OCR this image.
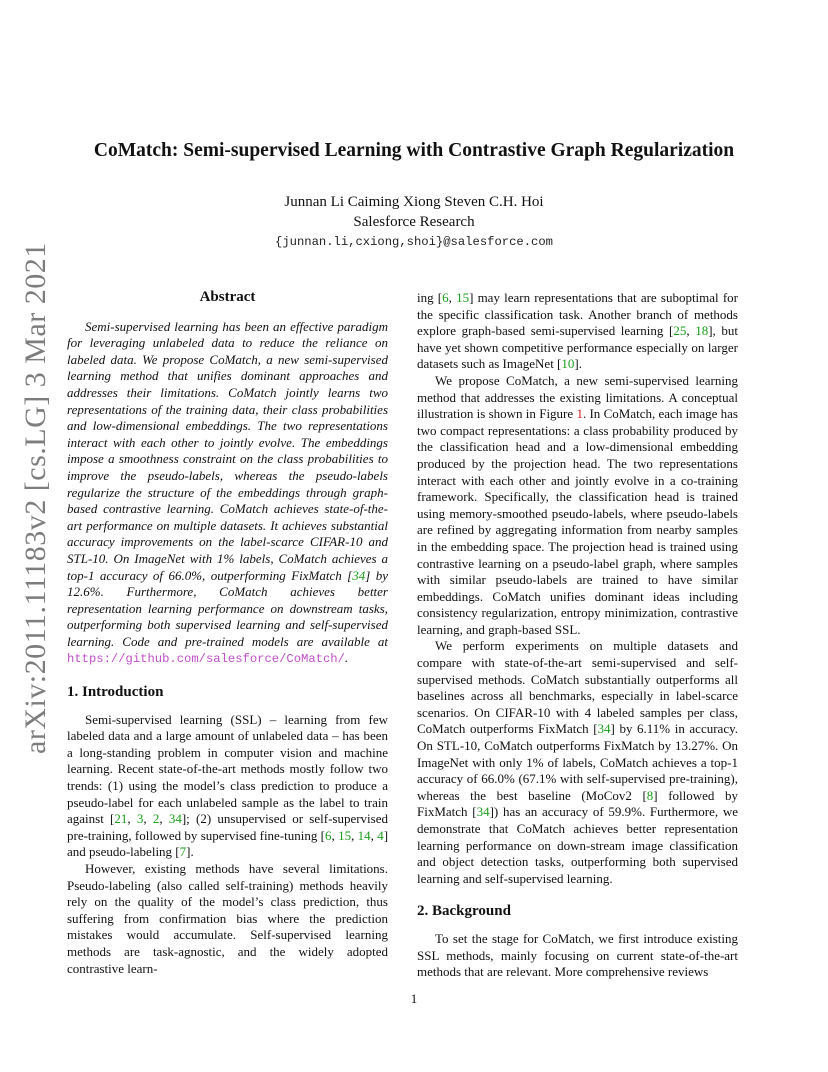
arXiv:2011.11183v2 [cs.LG] 3 Mar 2021
CoMatch: Semi-supervised Learning with Contrastive Graph Regularization
Junnan Li Caiming Xiong Steven C.H. Hoi
Salesforce Research
{junnan.li,cxiong,shoi}@salesforce.com
Abstract

Semi-supervised learning has been an effective paradigm for leveraging unlabeled data to reduce the reliance on labeled data. We propose CoMatch, a new semi-supervised learning method that unifies dominant approaches and addresses their limitations. CoMatch jointly learns two representations of the training data, their class probabilities and low-dimensional embeddings. The two representations interact with each other to jointly evolve. The embeddings impose a smoothness constraint on the class probabilities to improve the pseudo-labels, whereas the pseudo-labels regularize the structure of the embeddings through graph-based contrastive learning. CoMatch achieves state-of-the-art performance on multiple datasets. It achieves substantial accuracy improvements on the label-scarce CIFAR-10 and STL-10. On ImageNet with 1% labels, CoMatch achieves a top-1 accuracy of 66.0%, outperforming FixMatch [34] by 12.6%. Furthermore, CoMatch achieves better representation learning performance on downstream tasks, outperforming both supervised learning and self-supervised learning. Code and pre-trained models are available at https://github.com/salesforce/CoMatch/.

1. Introduction

Semi-supervised learning (SSL) – learning from few labeled data and a large amount of unlabeled data – has been a long-standing problem in computer vision and machine learning. Recent state-of-the-art methods mostly follow two trends: (1) using the model’s class prediction to produce a pseudo-label for each unlabeled sample as the label to train against [21, 3, 2, 34]; (2) unsupervised or self-supervised pre-training, followed by supervised fine-tuning [6, 15, 14, 4] and pseudo-labeling [7].

However, existing methods have several limitations. Pseudo-labeling (also called self-training) methods heavily rely on the quality of the model’s class prediction, thus suffering from confirmation bias where the prediction mistakes would accumulate. Self-supervised learning methods are task-agnostic, and the widely adopted contrastive learn-

ing [6, 15] may learn representations that are suboptimal for the specific classification task. Another branch of methods explore graph-based semi-supervised learning [25, 18], but have yet shown competitive performance especially on larger datasets such as ImageNet [10].

We propose CoMatch, a new semi-supervised learning method that addresses the existing limitations. A conceptual illustration is shown in Figure 1. In CoMatch, each image has two compact representations: a class probability produced by the classification head and a low-dimensional embedding produced by the projection head. The two representations interact with each other and jointly evolve in a co-training framework. Specifically, the classification head is trained using memory-smoothed pseudo-labels, where pseudo-labels are refined by aggregating information from nearby samples in the embedding space. The projection head is trained using contrastive learning on a pseudo-label graph, where samples with similar pseudo-labels are trained to have similar embeddings. CoMatch unifies dominant ideas including consistency regularization, entropy minimization, contrastive learning, and graph-based SSL.

We perform experiments on multiple datasets and compare with state-of-the-art semi-supervised and self-supervised methods. CoMatch substantially outperforms all baselines across all benchmarks, especially in label-scarce scenarios. On CIFAR-10 with 4 labeled samples per class, CoMatch outperforms FixMatch [34] by 6.11% in accuracy. On STL-10, CoMatch outperforms FixMatch by 13.27%. On ImageNet with only 1% of labels, CoMatch achieves a top-1 accuracy of 66.0% (67.1% with self-supervised pre-training), whereas the best baseline (MoCov2 [8] followed by FixMatch [34]) has an accuracy of 59.9%. Furthermore, we demonstrate that CoMatch achieves better representation learning performance on down-stream image classification and object detection tasks, outperforming both supervised learning and self-supervised learning.

2. Background

To set the stage for CoMatch, we first introduce existing SSL methods, mainly focusing on current state-of-the-art methods that are relevant. More comprehensive reviews

1
